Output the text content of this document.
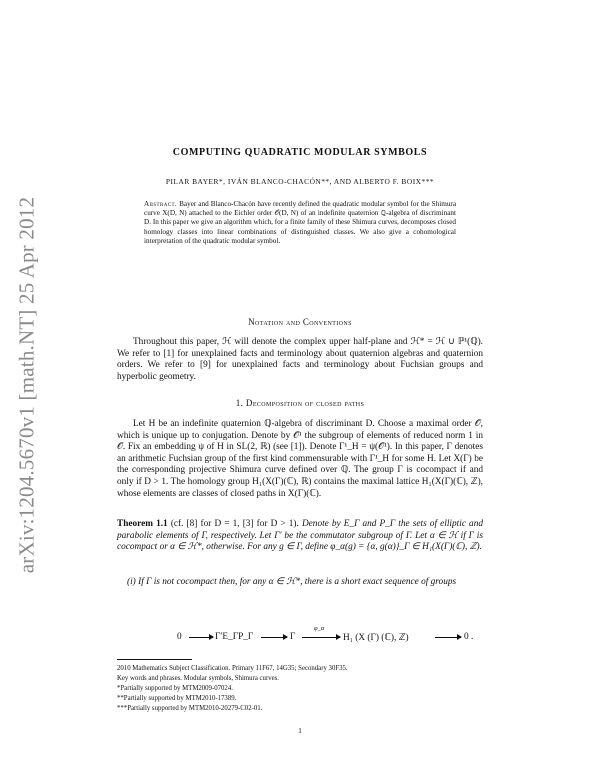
arXiv:1204.5670v1 [math.NT] 25 Apr 2012
COMPUTING QUADRATIC MODULAR SYMBOLS
PILAR BAYER*, IVÁN BLANCO-CHACÓN**, AND ALBERTO F. BOIX***
Abstract. Bayer and Blanco-Chacón have recently defined the quadratic modular symbol for the Shimura curve X(D, N) attached to the Eichler order 𝒪(D, N) of an indefinite quaternion ℚ-algebra of discriminant D. In this paper we give an algorithm which, for a finite family of these Shimura curves, decomposes closed homology classes into linear combinations of distinguished classes. We also give a cohomological interpretation of the quadratic modular symbol.
Notation and Conventions
Throughout this paper, ℋ will denote the complex upper half-plane and ℋ* = ℋ ∪ ℙ¹(ℚ). We refer to [1] for unexplained facts and terminology about quaternion algebras and quaternion orders. We refer to [9] for unexplained facts and terminology about Fuchsian groups and hyperbolic geometry.
1. Decomposition of closed paths
Let H be an indefinite quaternion ℚ-algebra of discriminant D. Choose a maximal order 𝒪, which is unique up to conjugation. Denote by 𝒪¹ the subgroup of elements of reduced norm 1 in 𝒪. Fix an embedding ψ of H in SL(2, ℝ) (see [1]). Denote Γ¹_H = ψ(𝒪¹). In this paper, Γ denotes an arithmetic Fuchsian group of the first kind commensurable with Γ¹_H for some H. Let X(Γ) be the corresponding projective Shimura curve defined over ℚ. The group Γ is cocompact if and only if D > 1. The homology group H₁(X(Γ)(ℂ), ℝ) contains the maximal lattice H₁(X(Γ)(ℂ), ℤ), whose elements are classes of closed paths in X(Γ)(ℂ).
Theorem 1.1 (cf. [8] for D = 1, [3] for D > 1). Denote by E_Γ and P_Γ the sets of elliptic and parabolic elements of Γ, respectively. Let Γ′ be the commutator subgroup of Γ. Let α ∈ ℋ if Γ is cocompact or α ∈ ℋ*, otherwise. For any g ∈ Γ, define φ_α(g) = {α, g(α)}_Γ ∈ H₁(X(Γ)(ℂ), ℤ).
(i) If Γ is not cocompact then, for any α ∈ ℋ*, there is a short exact sequence of groups
0	Γ′E_ΓP_Γ	Γ
φ_α
H₁ (X (Γ) (ℂ), ℤ)	0 .
2010 Mathematics Subject Classification. Primary 11F67, 14G35; Secondary 30F35.
Key words and phrases. Modular symbols, Shimura curves.
*Partially supported by MTM2009-07024.
**Partially supported by MTM2010-17389.
***Partially supported by MTM2010-20279-C02-01.
1
